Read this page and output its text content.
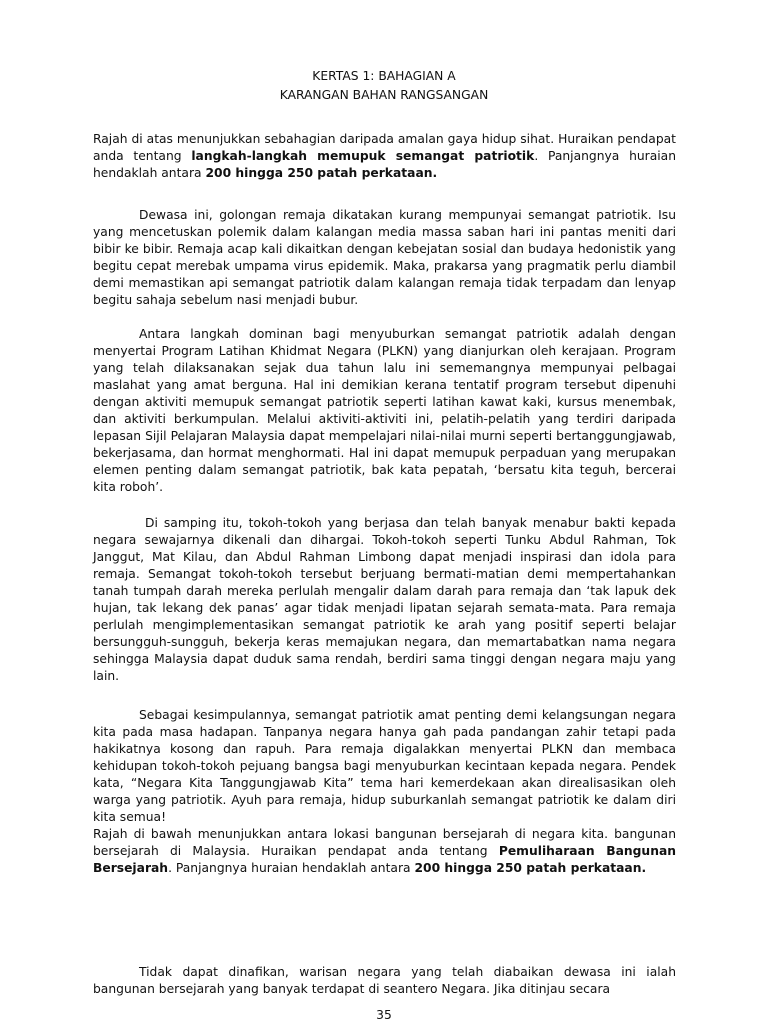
KERTAS 1: BAHAGIAN A

KARANGAN BAHAN RANGSANGAN

Rajah di atas menunjukkan sebahagian daripada amalan gaya hidup sihat. Huraikan pendapat anda tentang langkah-langkah memupuk semangat patriotik. Panjangnya huraian hendaklah antara 200 hingga 250 patah perkataan.

Dewasa ini, golongan remaja dikatakan kurang mempunyai semangat patriotik. Isu yang mencetuskan polemik dalam kalangan media massa saban hari ini pantas meniti dari bibir ke bibir. Remaja acap kali dikaitkan dengan kebejatan sosial dan budaya hedonistik yang begitu cepat merebak umpama virus epidemik. Maka, prakarsa yang pragmatik perlu diambil demi memastikan api semangat patriotik dalam kalangan remaja tidak terpadam dan lenyap begitu sahaja sebelum nasi menjadi bubur.

Antara langkah dominan bagi menyuburkan semangat patriotik adalah dengan menyertai Program Latihan Khidmat Negara (PLKN) yang dianjurkan oleh kerajaan. Program yang telah dilaksanakan sejak dua tahun lalu ini sememangnya mempunyai pelbagai maslahat yang amat berguna. Hal ini demikian kerana tentatif program tersebut dipenuhi dengan aktiviti memupuk semangat patriotik seperti latihan kawat kaki, kursus menembak, dan aktiviti berkumpulan. Melalui aktiviti-aktiviti ini, pelatih-pelatih yang terdiri daripada lepasan Sijil Pelajaran Malaysia dapat mempelajari nilai-nilai murni seperti bertanggungjawab, bekerjasama, dan hormat menghormati. Hal ini dapat memupuk perpaduan yang merupakan elemen penting dalam semangat patriotik, bak kata pepatah, ‘bersatu kita teguh, bercerai kita roboh’.

Di samping itu, tokoh-tokoh yang berjasa dan telah banyak menabur bakti kepada negara sewajarnya dikenali dan dihargai. Tokoh-tokoh seperti Tunku Abdul Rahman, Tok Janggut, Mat Kilau, dan Abdul Rahman Limbong dapat menjadi inspirasi dan idola para remaja. Semangat tokoh-tokoh tersebut berjuang bermati-matian demi mempertahankan tanah tumpah darah mereka perlulah mengalir dalam darah para remaja dan ‘tak lapuk dek hujan, tak lekang dek panas’ agar tidak menjadi lipatan sejarah semata-mata. Para remaja perlulah mengimplementasikan semangat patriotik ke arah yang positif seperti belajar bersungguh-sungguh, bekerja keras memajukan negara, dan memartabatkan nama negara sehingga Malaysia dapat duduk sama rendah, berdiri sama tinggi dengan negara maju yang lain.

Sebagai kesimpulannya, semangat patriotik amat penting demi kelangsungan negara kita pada masa hadapan. Tanpanya negara hanya gah pada pandangan zahir tetapi pada hakikatnya kosong dan rapuh. Para remaja digalakkan menyertai PLKN dan membaca kehidupan tokoh-tokoh pejuang bangsa bagi menyuburkan kecintaan kepada negara. Pendek kata, “Negara Kita Tanggungjawab Kita” tema hari kemerdekaan akan direalisasikan oleh warga yang patriotik. Ayuh para remaja, hidup suburkanlah semangat patriotik ke dalam diri kita semua!

Rajah di bawah menunjukkan antara lokasi bangunan bersejarah di negara kita. bangunan bersejarah di Malaysia. Huraikan pendapat anda tentang Pemuliharaan Bangunan Bersejarah. Panjangnya huraian hendaklah antara 200 hingga 250 patah perkataan.

Tidak dapat dinafikan, warisan negara yang telah diabaikan dewasa ini ialah bangunan bersejarah yang banyak terdapat di seantero Negara. Jika ditinjau secara

35
